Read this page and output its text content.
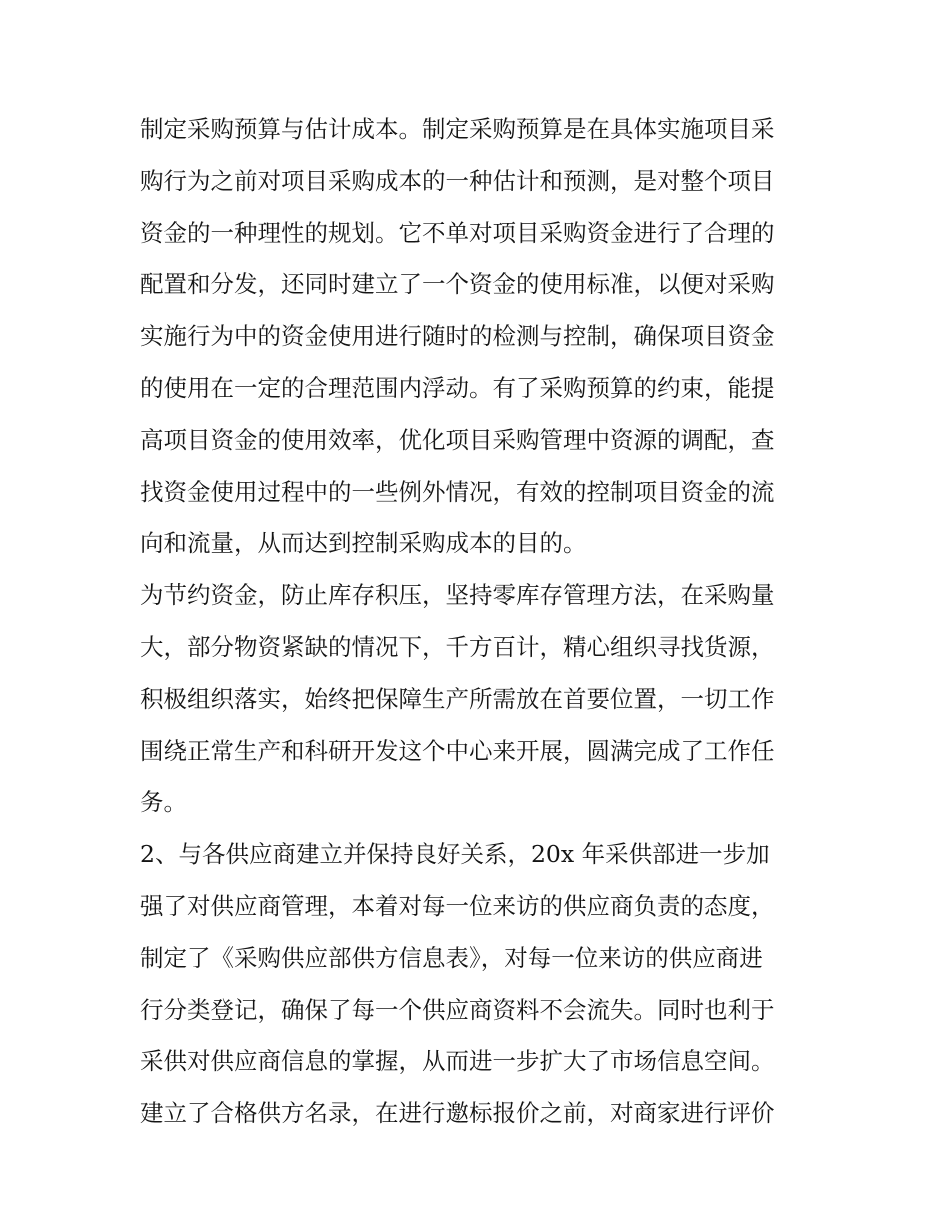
制定采购预算与估计成本。制定采购预算是在具体实施项目采
购行为之前对项目采购成本的一种估计和预测，是对整个项目
资金的一种理性的规划。它不单对项目采购资金进行了合理的
配置和分发，还同时建立了一个资金的使用标准，以便对采购
实施行为中的资金使用进行随时的检测与控制，确保项目资金
的使用在一定的合理范围内浮动。有了采购预算的约束，能提
高项目资金的使用效率，优化项目采购管理中资源的调配，查
找资金使用过程中的一些例外情况，有效的控制项目资金的流
向和流量，从而达到控制采购成本的目的。
为节约资金，防止库存积压，坚持零库存管理方法，在采购量
大，部分物资紧缺的情况下，千方百计，精心组织寻找货源，
积极组织落实，始终把保障生产所需放在首要位置，一切工作
围绕正常生产和科研开发这个中心来开展，圆满完成了工作任
务。
2、与各供应商建立并保持良好关系，20x 年采供部进一步加
强了对供应商管理，本着对每一位来访的供应商负责的态度，
制定了《采购供应部供方信息表》，对每一位来访的供应商进
行分类登记，确保了每一个供应商资料不会流失。同时也利于
采供对供应商信息的掌握，从而进一步扩大了市场信息空间。
建立了合格供方名录，在进行邀标报价之前，对商家进行评价
